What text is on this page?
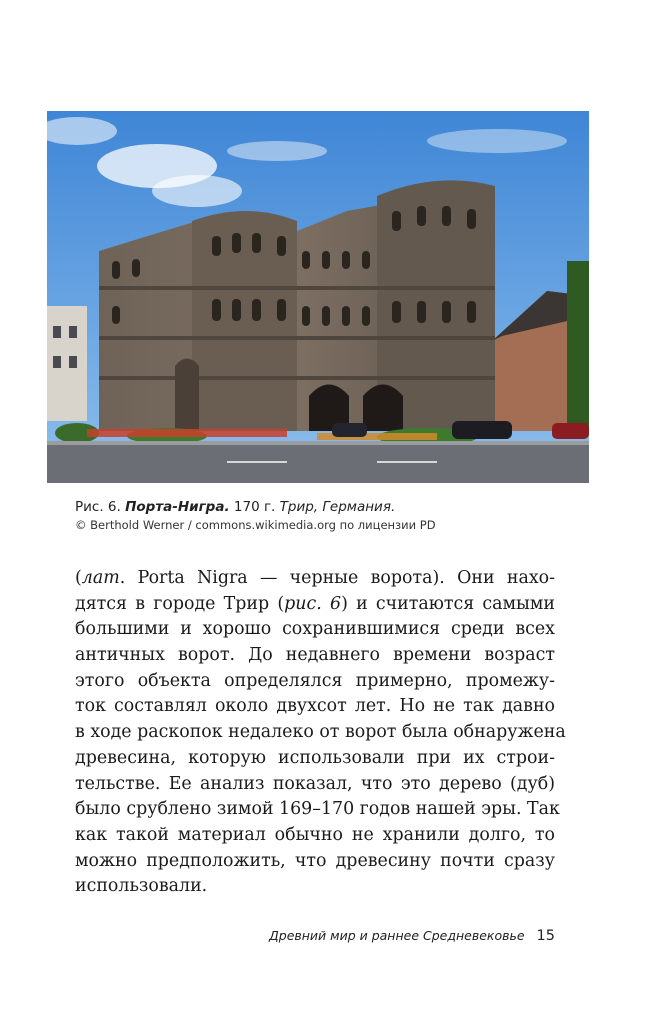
Рис. 6. Порта-Нигра. 170 г. Трир, Германия.
© Berthold Werner / commons.wikimedia.org по лицензии PD
(лат. Porta Nigra — черные ворота). Они нахо-
дятся в городе Трир (рис. 6) и считаются самыми
большими и хорошо сохранившимися среди всех
античных ворот. До недавнего времени возраст
этого объекта определялся примерно, промежу-
ток составлял около двухсот лет. Но не так давно
в ходе раскопок недалеко от ворот была обнаружена
древесина, которую использовали при их строи-
тельстве. Ее анализ показал, что это дерево (дуб)
было срублено зимой 169–170 годов нашей эры. Так
как такой материал обычно не хранили долго, то
можно предположить, что древесину почти сразу
использовали.
Древний мир и раннее Средневековье 15
